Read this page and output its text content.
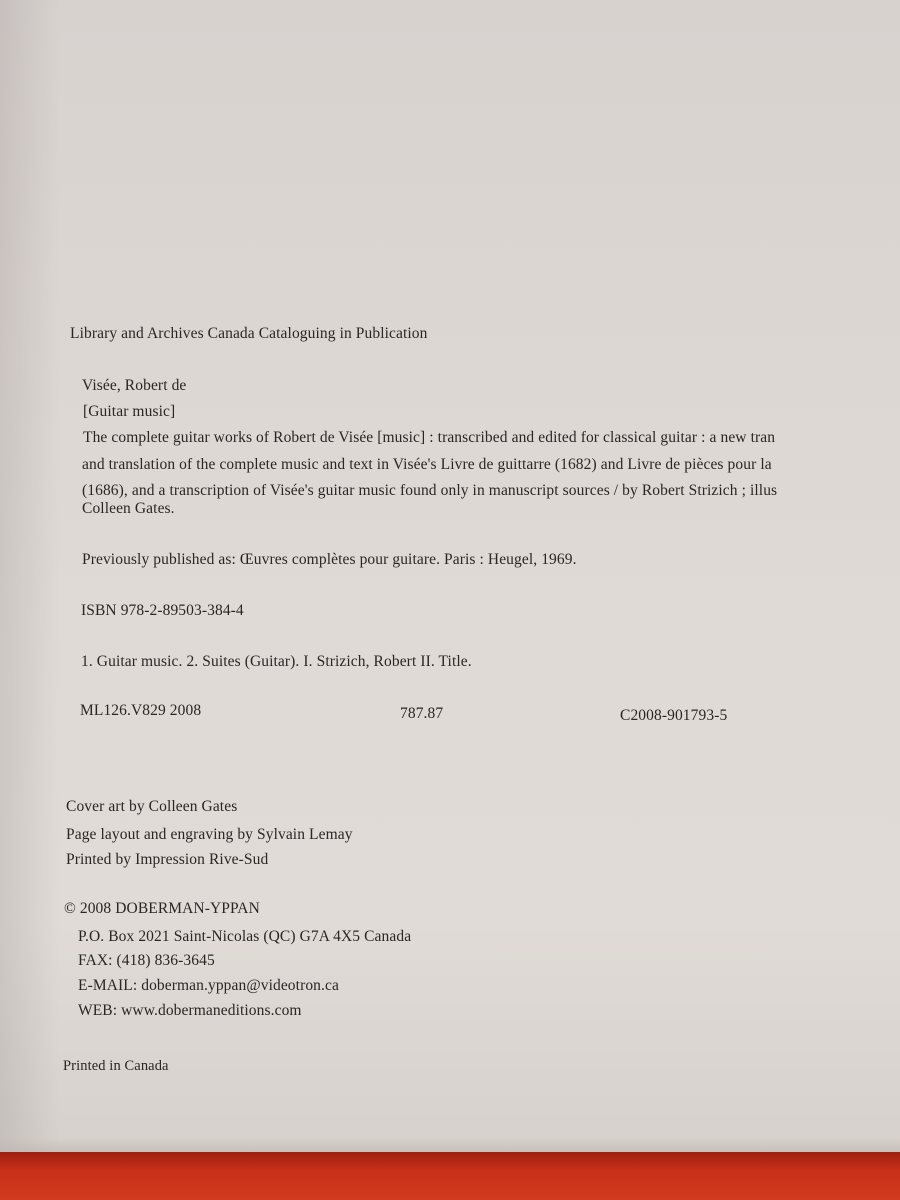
Library and Archives Canada Cataloguing in Publication
Visée, Robert de
[Guitar music]
The complete guitar works of Robert de Visée [music] : transcribed and edited for classical guitar : a new tran
and translation of the complete music and text in Visée's Livre de guittarre (1682) and Livre de pièces pour la
(1686), and a transcription of Visée's guitar music found only in manuscript sources / by Robert Strizich ; illus
Colleen Gates.
Previously published as: Œuvres complètes pour guitare. Paris : Heugel, 1969.
ISBN 978-2-89503-384-4
1. Guitar music. 2. Suites (Guitar). I. Strizich, Robert II. Title.
ML126.V829 2008	787.87	C2008-901793-5
Cover art by Colleen Gates
Page layout and engraving by Sylvain Lemay
Printed by Impression Rive-Sud
© 2008 DOBERMAN-YPPAN
P.O. Box 2021 Saint-Nicolas (QC) G7A 4X5 Canada
FAX: (418) 836-3645
E-MAIL: doberman.yppan@videotron.ca
WEB: www.dobermaneditions.com
Printed in Canada
